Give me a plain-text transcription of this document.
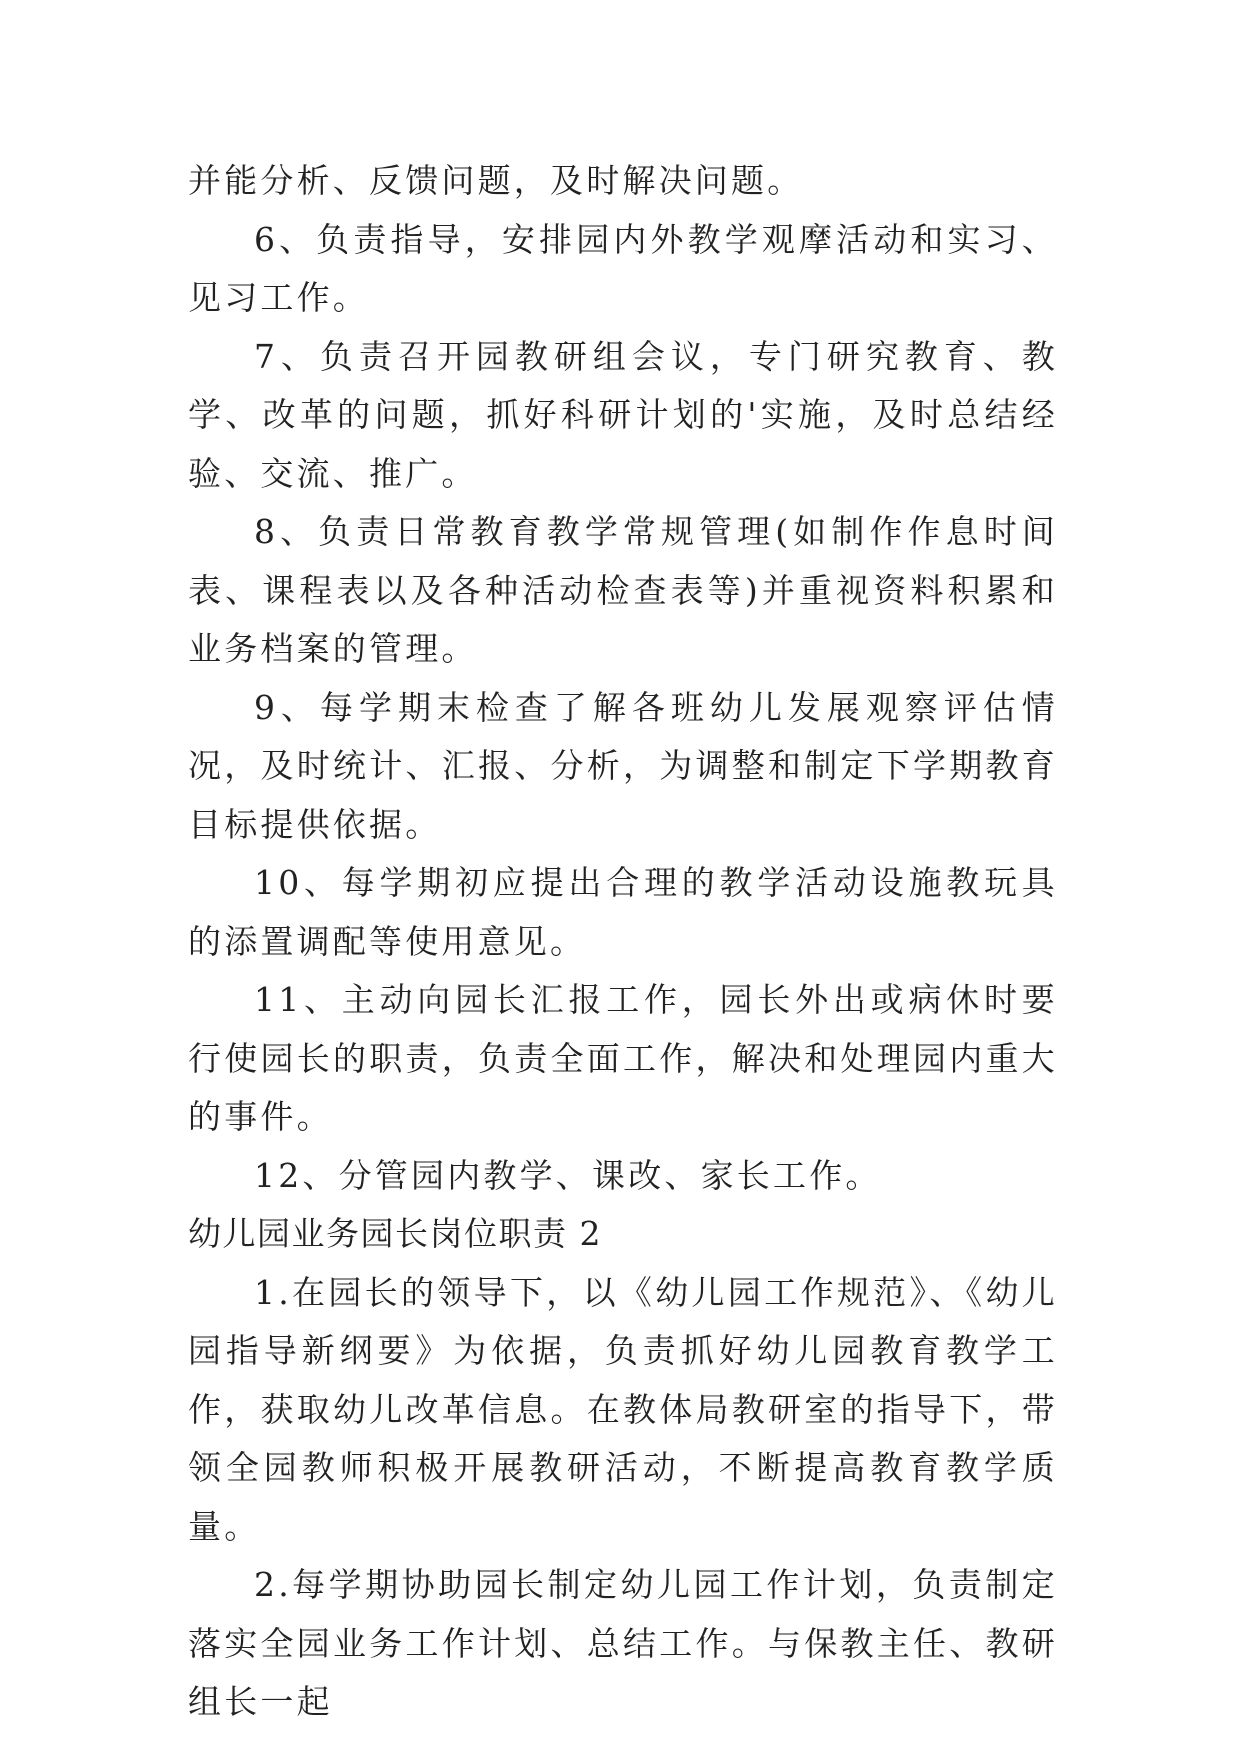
并能分析、反馈问题，及时解决问题。

6、负责指导，安排园内外教学观摩活动和实习、见习工作。

7、负责召开园教研组会议，专门研究教育、教学、改革的问题，抓好科研计划的'实施，及时总结经验、交流、推广。

8、负责日常教育教学常规管理(如制作作息时间表、课程表以及各种活动检查表等)并重视资料积累和业务档案的管理。

9、每学期末检查了解各班幼儿发展观察评估情况，及时统计、汇报、分析，为调整和制定下学期教育目标提供依据。

10、每学期初应提出合理的教学活动设施教玩具的添置调配等使用意见。

11、主动向园长汇报工作，园长外出或病休时要行使园长的职责，负责全面工作，解决和处理园内重大的事件。

12、分管园内教学、课改、家长工作。

幼儿园业务园长岗位职责 2

1.在园长的领导下，以《幼儿园工作规范》、《幼儿园指导新纲要》为依据，负责抓好幼儿园教育教学工作，获取幼儿改革信息。在教体局教研室的指导下，带领全园教师积极开展教研活动，不断提高教育教学质量。

2.每学期协助园长制定幼儿园工作计划，负责制定落实全园业务工作计划、总结工作。与保教主任、教研组长一起
